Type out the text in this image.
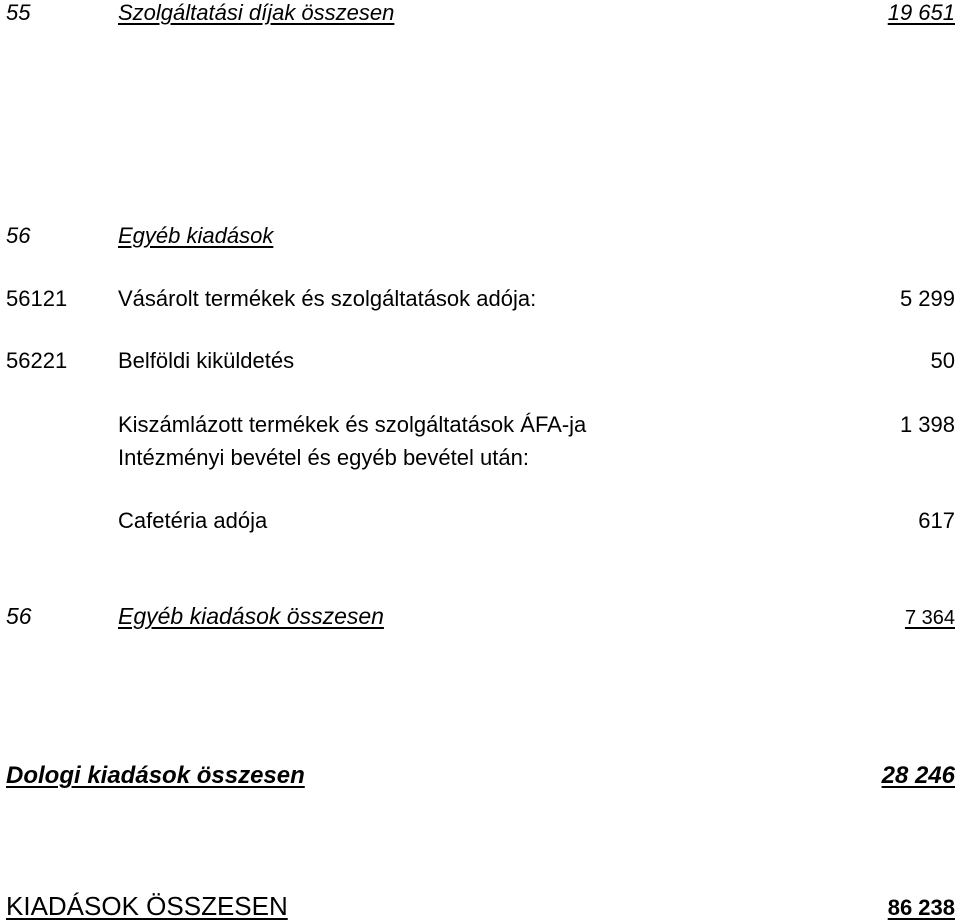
55	Szolgáltatási díjak összesen	19 651
56	Egyéb kiadások
56121 Vásárolt termékek és szolgáltatások adója:	5 299
56221 Belföldi kiküldetés	50
Kiszámlázott termékek és szolgáltatások ÁFA-ja	1 398
Intézményi bevétel és egyéb bevétel után:
Cafetéria adója	617
56	Egyéb kiadások összesen	7 364
Dologi kiadások összesen	28 246
KIADÁSOK ÖSSZESEN	86 238
